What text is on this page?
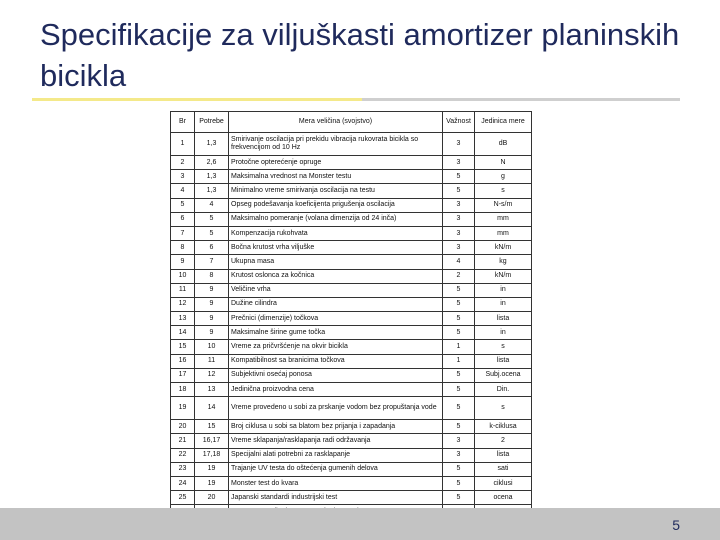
Specifikacije za viljuškasti amortizer planinskih bicikla
Br	Potrebe	Mera veličina (svojstvo)	Važnost	Jedinica mere
1	1,3	Smirivanje oscilacija pri prekidu vibracija rukovrata bicikla so frekvencijom od 10 Hz	3	dB
2	2,6	Protočne opterećenje opruge	3	N
3	1,3	Maksimalna vrednost na Monster testu	5	g
4	1,3	Minimalno vreme smirivanja oscilacija na testu	5	s
5	4	Opseg podešavanja koeficijenta prigušenja oscilacija	3	N-s/m
6	5	Maksimalno pomeranje (volana dimenzija od 24 inča)	3	mm
7	5	Kompenzacija rukohvata	3	mm
8	6	Bočna krutost vrha viljuške	3	kN/m
9	7	Ukupna masa	4	kg
10	8	Krutost oslonca za kočnica	2	kN/m
11	9	Veličine vrha	5	in
12	9	Dužine cilindra	5	in
13	9	Prečnici (dimenzije) točkova	5	lista
14	9	Maksimalne širine gume točka	5	in
15	10	Vreme za pričvršćenje na okvir bicikla	1	s
16	11	Kompatibilnost sa branicima točkova	1	lista
17	12	Subjektivni osećaj ponosa	5	Subj.ocena
18	13	Jedinična proizvodna cena	5	Din.
19	14	Vreme provedeno u sobi za prskanje vodom bez propuštanja vode	5	s
20	15	Broj ciklusa u sobi sa blatom bez prijanja i zapadanja	5	k-ciklusa
21	16,17	Vreme sklapanja/rasklapanja radi održavanja	3	2
22	17,18	Specijalni alati potrebni za rasklapanje	3	lista
23	19	Trajanje UV testa do oštećenja gumenih delova	5	sati
24	19	Monster test do kvara	5	ciklusi
25	20	Japanski standardi industrijski test	5	ocena

5
